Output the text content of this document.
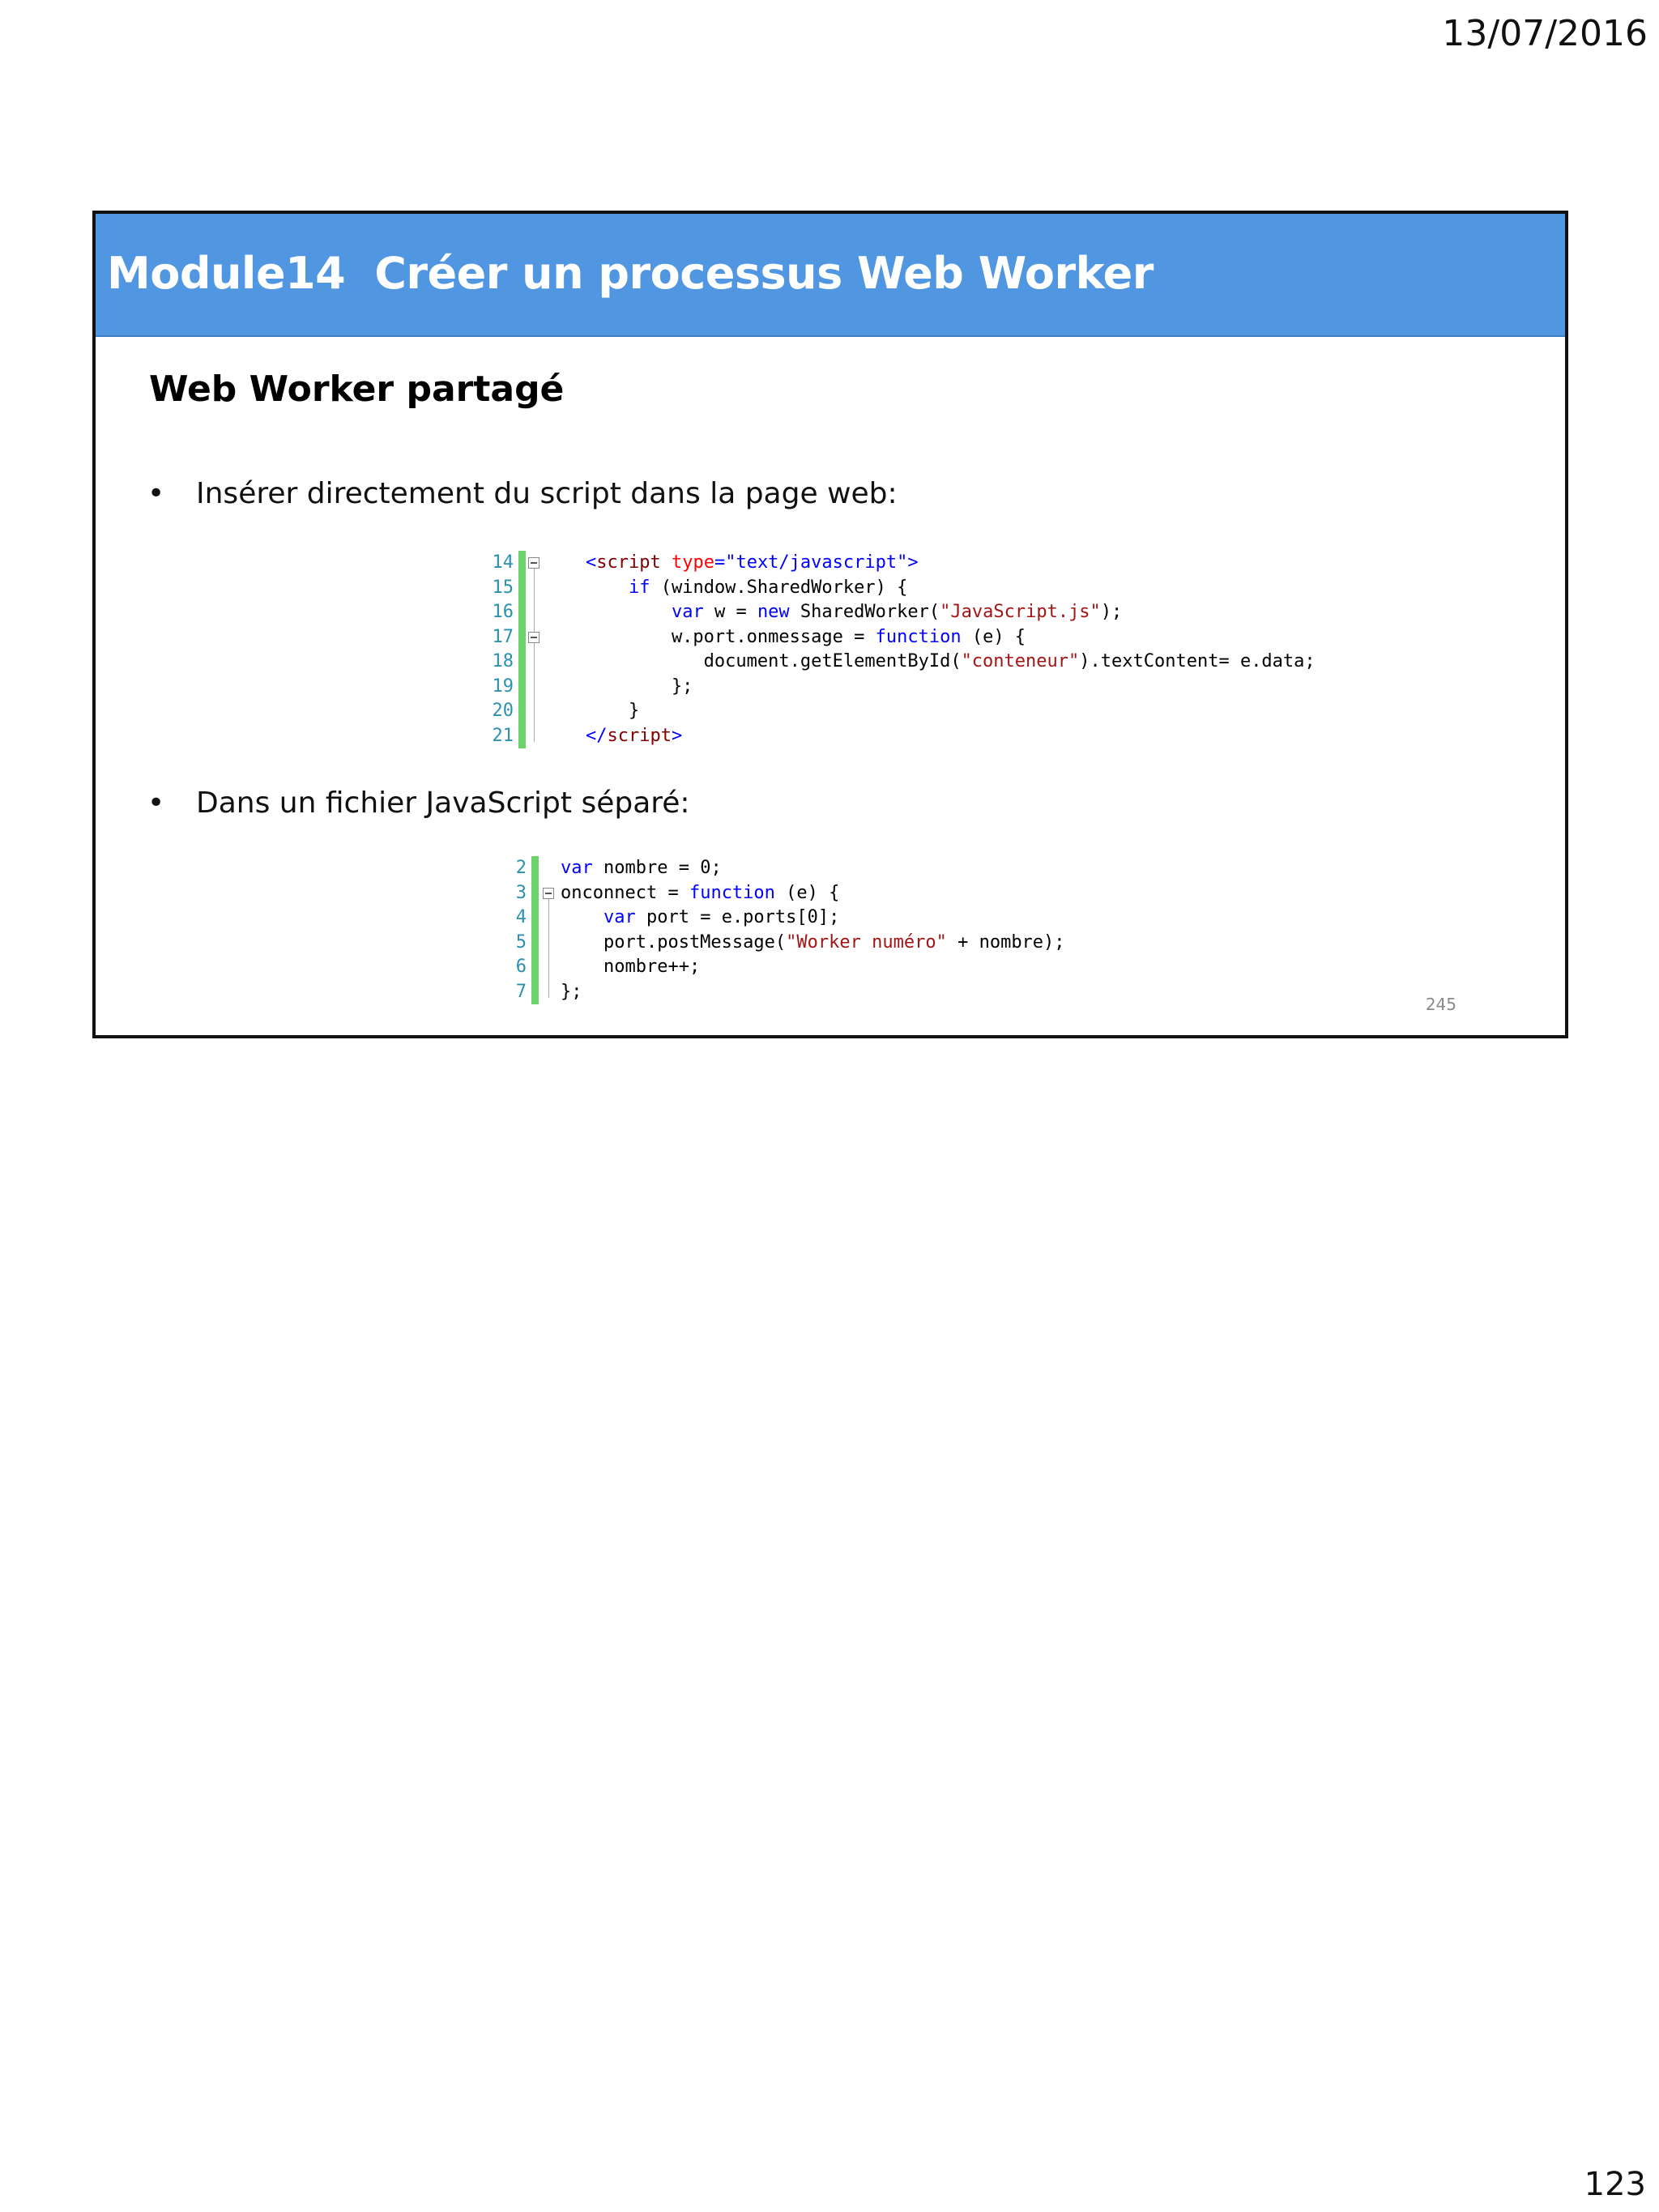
13/07/2016
Module14 Créer un processus Web Worker
Web Worker partagé
• Insérer directement du script dans la page web:
• Dans un fichier JavaScript séparé:
245
14	<script type="text/javascript">
15	if (window.SharedWorker) {
16	var w = new SharedWorker("JavaScript.js");
17 w.port.onmessage = function (e) {
18 document.getElementById("conteneur").textContent= e.data;
19 };
20 }
21	</script>
2 var nombre = 0;
3 onconnect = function (e) {
4	var port = e.ports[0];
5 port.postMessage("Worker numéro" + nombre);
6 nombre++;
7 };
123
